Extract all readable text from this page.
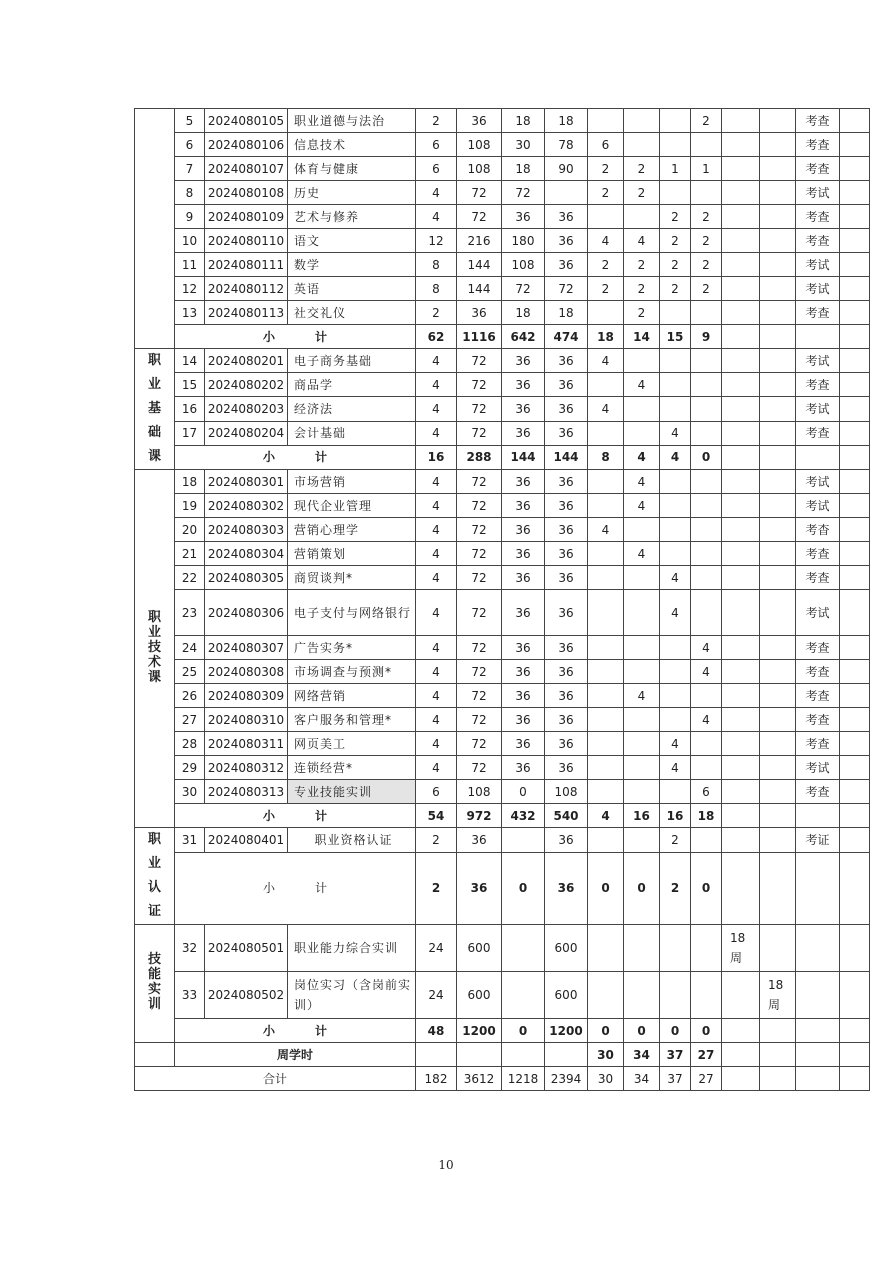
	5	2024080105	职业道德与法治	2	36	18	18				2			考查	
	6	2024080106	信息技术	6	108	30	78	6						考查	
	7	2024080107	体育与健康	6	108	18	90	2	2	1	1			考查	
	8	2024080108	历史	4	72	72		2	2					考试	
	9	2024080109	艺术与修养	4	72	36	36			2	2			考查	
	10	2024080110	语文	12	216	180	36	4	4	2	2			考查	
	11	2024080111	数学	8	144	108	36	2	2	2	2			考试	
	12	2024080112	英语	8	144	72	72	2	2	2	2			考试	
	13	2024080113	社交礼仪	2	36	18	18		2					考查	
	小计			62	1116	642	474	18	14	15	9				
职业基础课	14	2024080201	电子商务基础	4	72	36	36	4						考试	
	15	2024080202	商品学	4	72	36	36		4					考查	
	16	2024080203	经济法	4	72	36	36	4						考试	
	17	2024080204	会计基础	4	72	36	36			4				考查	
	小计			16	288	144	144	8	4	4	0				
职业技术课	18	2024080301	市场营销	4	72	36	36		4					考试	
	19	2024080302	现代企业管理	4	72	36	36		4					考试	
	20	2024080303	营销心理学	4	72	36	36	4						考杳	
	21	2024080304	营销策划	4	72	36	36		4					考查	
	22	2024080305	商贸谈判*	4	72	36	36			4				考查	
	23	2024080306	电子支付与网络银行	4	72	36	36			4				考试	
	24	2024080307	广告实务*	4	72	36	36				4			考查	
	25	2024080308	市场调查与预测*	4	72	36	36				4			考查	
	26	2024080309	网络营销	4	72	36	36		4					考查	
	27	2024080310	客户服务和管理*	4	72	36	36				4			考查	
	28	2024080311	网页美工	4	72	36	36			4				考查	
	29	2024080312	连锁经营*	4	72	36	36			4				考试	
	30	2024080313	专业技能实训	6	108	0	108				6			考查	
	小计			54	972	432	540	4	16	16	18				
职业认证	31	2024080401	职业资格认证	2	36		36			2				考证	
	小计			2	36	0	36	0	0	2	0				
技能实训	32	2024080501	职业能力综合实训	24	600		600					18周			
	33	2024080502	岗位实习（含岗前实训）	24	600		600						18周		
	小计			48	1200	0	1200	0	0	0	0				
	周学时							30	34	37	27				
合计				182	3612	1218	2394	30	34	37	27				
10
